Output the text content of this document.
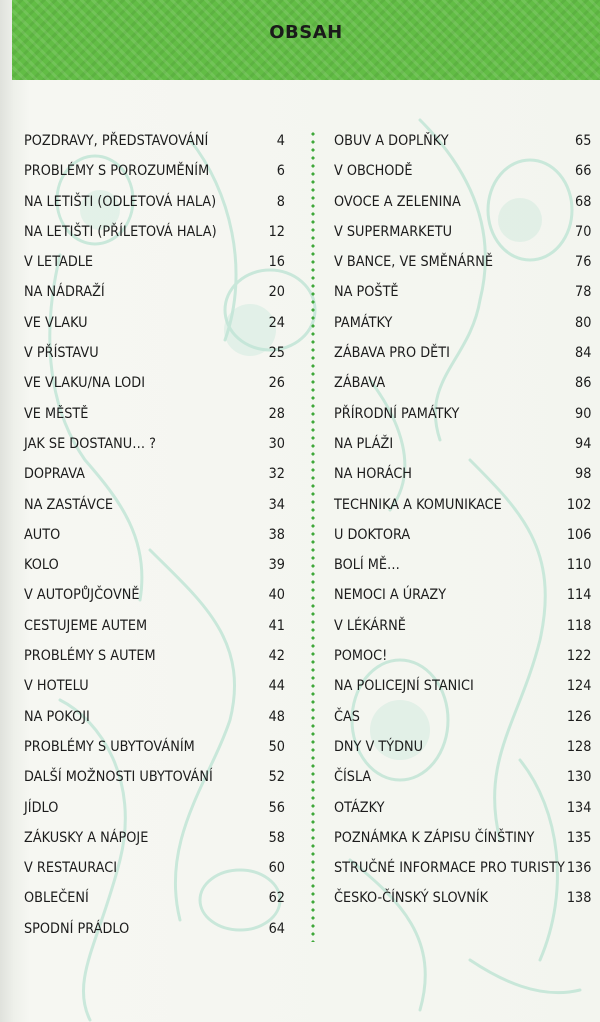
OBSAH
POZDRAVY, PŘEDSTAVOVÁNÍ	4
PROBLÉMY S POROZUMĚNÍM	6
NA LETIŠTI (ODLETOVÁ HALA)	8
NA LETIŠTI (PŘÍLETOVÁ HALA)	12
V LETADLE	16
NA NÁDRAŽÍ	20
VE VLAKU	24
V PŘÍSTAVU	25
VE VLAKU/NA LODI	26
VE MĚSTĚ	28
JAK SE DOSTANU… ?	30
DOPRAVA	32
NA ZASTÁVCE	34
AUTO	38
KOLO	39
V AUTOPŮJČOVNĚ	40
CESTUJEME AUTEM	41
PROBLÉMY S AUTEM	42
V HOTELU	44
NA POKOJI	48
PROBLÉMY S UBYTOVÁNÍM	50
DALŠÍ MOŽNOSTI UBYTOVÁNÍ	52
JÍDLO	56
ZÁKUSKY A NÁPOJE	58
V RESTAURACI	60
OBLEČENÍ	62
SPODNÍ PRÁDLO	64
OBUV A DOPLŇKY	65
V OBCHODĚ	66
OVOCE A ZELENINA	68
V SUPERMARKETU	70
V BANCE, VE SMĚNÁRNĚ	76
NA POŠTĚ	78
PAMÁTKY	80
ZÁBAVA PRO DĚTI	84
ZÁBAVA	86
PŘÍRODNÍ PAMÁTKY	90
NA PLÁŽI	94
NA HORÁCH	98
TECHNIKA A KOMUNIKACE	102
U DOKTORA	106
BOLÍ MĚ…	110
NEMOCI A ÚRAZY	114
V LÉKÁRNĚ	118
POMOC!	122
NA POLICEJNÍ STANICI	124
ČAS	126
DNY V TÝDNU	128
ČÍSLA	130
OTÁZKY	134
POZNÁMKA K ZÁPISU ČÍNŠTINY 135
STRUČNÉ INFORMACE PRO TURISTY 136
ČESKO-ČÍNSKÝ SLOVNÍK	138
